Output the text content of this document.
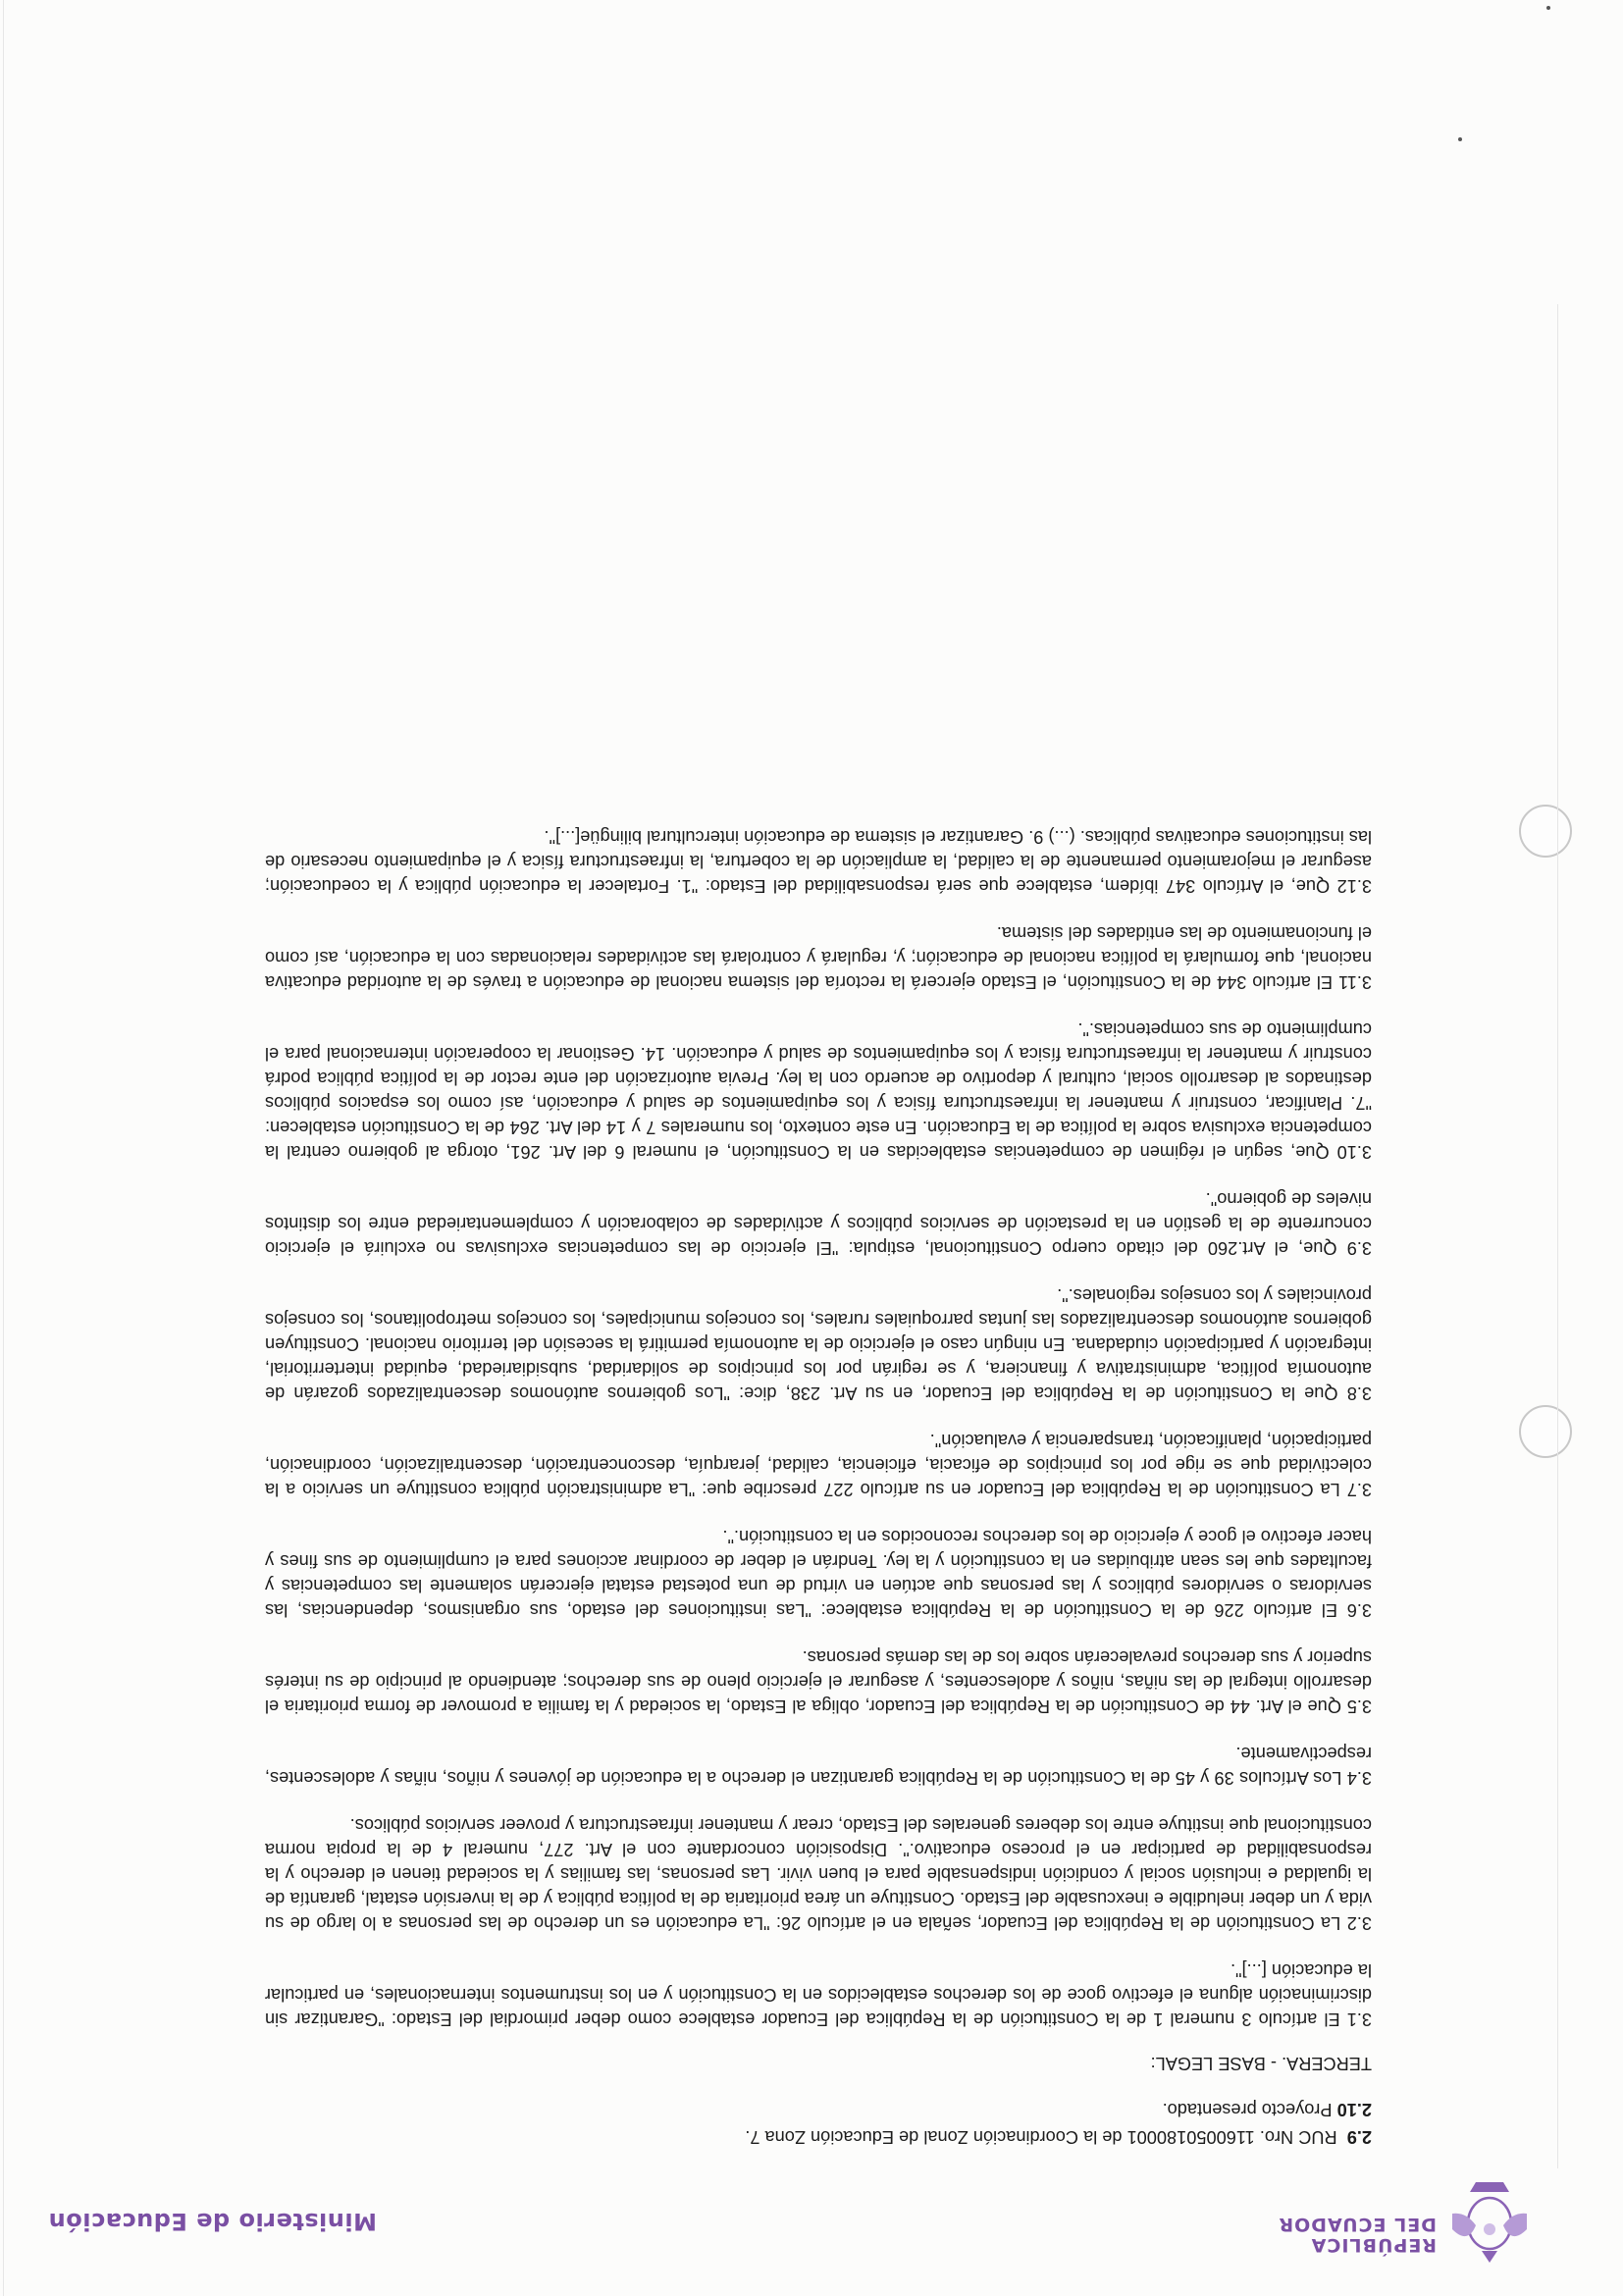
REPÚBLICA
DEL ECUADOR
Ministerio de Educación

2.9  RUC Nro. 1160050180001 de la Coordinación Zonal de Educación Zona 7.

2.10 Proyecto presentado.

TERCERA. - BASE LEGAL:

3.1 El artículo 3 numeral 1 de la Constitución de la República del Ecuador establece como deber primordial del Estado: "Garantizar sin discriminación alguna el efectivo goce de los derechos establecidos en la Constitución y en los instrumentos internacionales, en particular la educación [...]".

3.2 La Constitución de la República del Ecuador, señala en el artículo 26: "La educación es un derecho de las personas a lo largo de su vida y un deber ineludible e inexcusable del Estado. Constituye un área prioritaria de la política pública y de la inversión estatal, garantía de la igualdad e inclusión social y condición indispensable para el buen vivir. Las personas, las familias y la sociedad tienen el derecho y la responsabilidad de participar en el proceso educativo.". Disposición concordante con el Art. 277, numeral 4 de la propia norma constitucional que instituye entre los deberes generales del Estado, crear y mantener infraestructura y proveer servicios públicos.

3.4 Los Artículos 39 y 45 de la Constitución de la República garantizan el derecho a la educación de jóvenes y niños, niñas y adolescentes, respectivamente.

3.5 Que el Art. 44 de Constitución de la República del Ecuador, obliga al Estado, la sociedad y la familia a promover de forma prioritaria el desarrollo integral de las niñas, niños y adolescentes, y asegurar el ejercicio pleno de sus derechos; atendiendo al principio de su interés superior y sus derechos prevalecerán sobre los de las demás personas.

3.6 El artículo 226 de la Constitución de la República establece: "Las instituciones del estado, sus organismos, dependencias, las servidoras o servidores públicos y las personas que actúen en virtud de una potestad estatal ejercerán solamente las competencias y facultades que les sean atribuidas en la constitución y la ley. Tendrán el deber de coordinar acciones para el cumplimiento de sus fines y hacer efectivo el goce y ejercicio de los derechos reconocidos en la constitución.".

3.7 La Constitución de la República del Ecuador en su artículo 227 prescribe que: "La administración pública constituye un servicio a la colectividad que se rige por los principios de eficacia, eficiencia, calidad, jerarquía, desconcentración, descentralización, coordinación, participación, planificación, transparencia y evaluación".

3.8 Que la Constitución de la República del Ecuador, en su Art. 238, dice: "Los gobiernos autónomos descentralizados gozarán de autonomía política, administrativa y financiera, y se regirán por los principios de solidaridad, subsidiariedad, equidad interterritorial, integración y participación ciudadana. En ningún caso el ejercicio de la autonomía permitirá la secesión del territorio nacional. Constituyen gobiernos autónomos descentralizados las juntas parroquiales rurales, los concejos municipales, los concejos metropolitanos, los consejos provinciales y los consejos regionales.".

3.9 Que, el Art.260 del citado cuerpo Constitucional, estipula: "El ejercicio de las competencias exclusivas no excluirá el ejercicio concurrente de la gestión en la prestación de servicios públicos y actividades de colaboración y complementariedad entre los distintos niveles de gobierno".

3.10 Que, según el régimen de competencias establecidas en la Constitución, el numeral 6 del Art. 261, otorga al gobierno central la competencia exclusiva sobre la política de la Educación. En este contexto, los numerales 7 y 14 del Art. 264 de la Constitución establecen: "7. Planificar, construir y mantener la infraestructura física y los equipamientos de salud y educación, así como los espacios públicos destinados al desarrollo social, cultural y deportivo de acuerdo con la ley. Previa autorización del ente rector de la política pública podrá construir y mantener la infraestructura física y los equipamientos de salud y educación. 14. Gestionar la cooperación internacional para el cumplimiento de sus competencias.".

3.11 El artículo 344 de la Constitución, el Estado ejercerá la rectoría del sistema nacional de educación a través de la autoridad educativa nacional, que formulará la política nacional de educación; y, regulará y controlará las actividades relacionadas con la educación, así como el funcionamiento de las entidades del sistema.

3.12 Que, el Artículo 347 ibídem, establece que será responsabilidad del Estado: "1. Fortalecer la educación pública y la coeducación; asegurar el mejoramiento permanente de la calidad, la ampliación de la cobertura, la infraestructura física y el equipamiento necesario de las instituciones educativas públicas. (...) 9. Garantizar el sistema de educación intercultural bilingüe[...]".
